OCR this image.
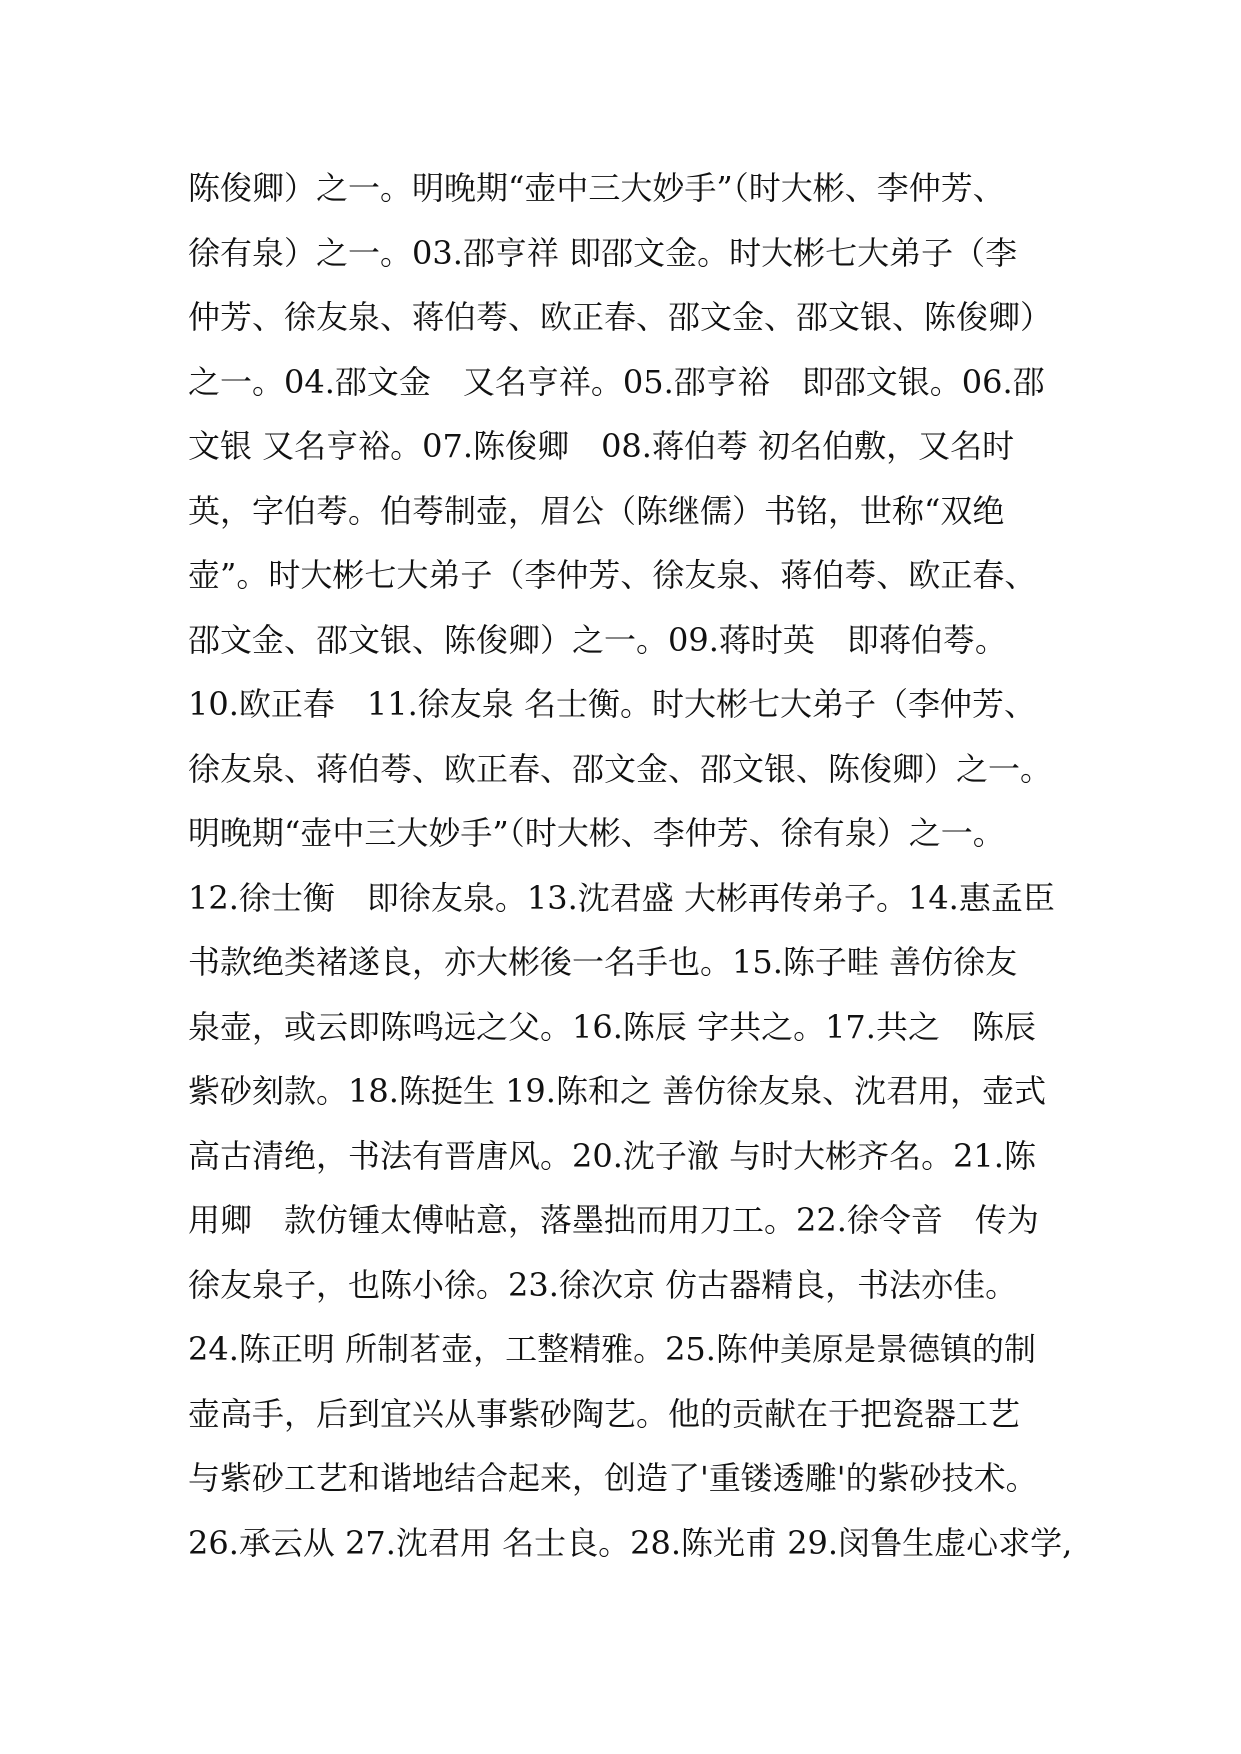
陈俊卿）之一。明晚期“壶中三大妙手”（时大彬、李仲芳、
徐有泉）之一。03.邵亨祥 即邵文金。时大彬七大弟子（李
仲芳、徐友泉、蒋伯荂、欧正春、邵文金、邵文银、陈俊卿）
之一。04.邵文金　又名亨祥。05.邵亨裕　即邵文银。06.邵
文银 又名亨裕。07.陈俊卿　08.蒋伯荂 初名伯敷，又名时
英，字伯荂。伯荂制壶，眉公（陈继儒）书铭，世称“双绝
壶”。时大彬七大弟子（李仲芳、徐友泉、蒋伯荂、欧正春、
邵文金、邵文银、陈俊卿）之一。09.蒋时英　即蒋伯荂。
10.欧正春　11.徐友泉 名士衡。时大彬七大弟子（李仲芳、
徐友泉、蒋伯荂、欧正春、邵文金、邵文银、陈俊卿）之一。
明晚期“壶中三大妙手”（时大彬、李仲芳、徐有泉）之一。
12.徐士衡　即徐友泉。13.沈君盛 大彬再传弟子。14.惠孟臣
书款绝类褚遂良，亦大彬後一名手也。15.陈子畦 善仿徐友
泉壶，或云即陈鸣远之父。16.陈辰 字共之。17.共之　陈辰
紫砂刻款。18.陈挺生 19.陈和之 善仿徐友泉、沈君用，壶式
高古清绝，书法有晋唐风。20.沈子澈 与时大彬齐名。21.陈
用卿　款仿锺太傅帖意，落墨拙而用刀工。22.徐令音　传为
徐友泉子，也陈小徐。23.徐次京 仿古器精良，书法亦佳。
24.陈正明 所制茗壶，工整精雅。25.陈仲美原是景德镇的制
壶高手，后到宜兴从事紫砂陶艺。他的贡献在于把瓷器工艺
与紫砂工艺和谐地结合起来，创造了'重镂透雕'的紫砂技术。
26.承云从 27.沈君用 名士良。28.陈光甫 29.闵鲁生虚心求学,
